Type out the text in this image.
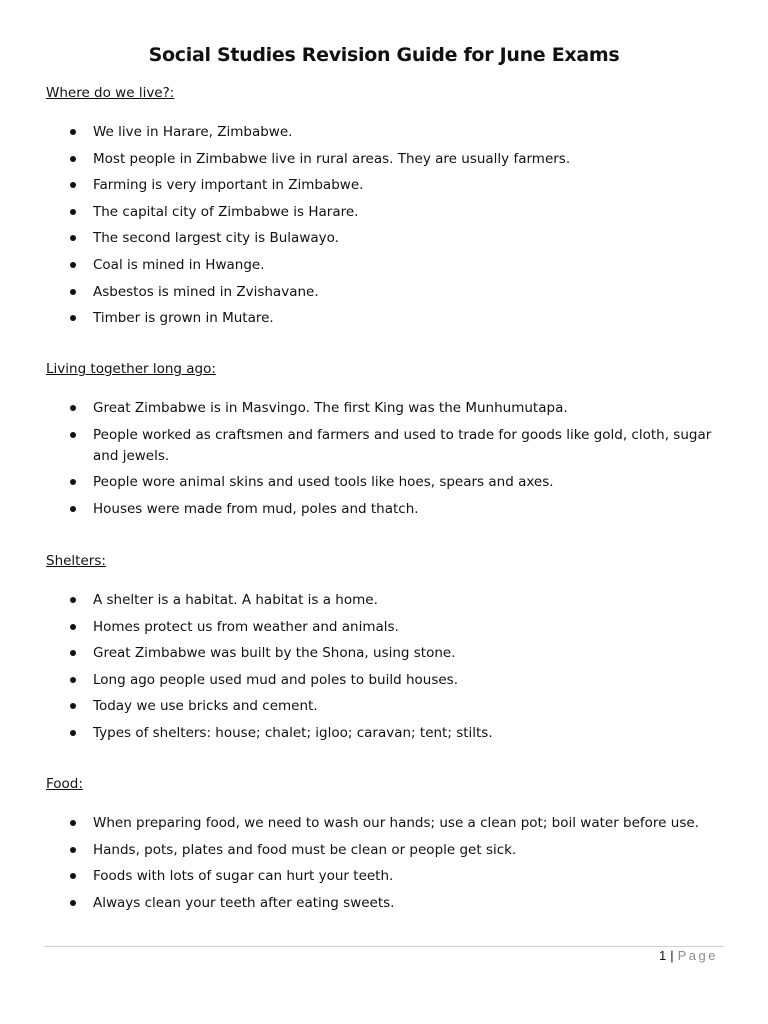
Social Studies Revision Guide for June Exams
Where do we live?:
We live in Harare, Zimbabwe.
Most people in Zimbabwe live in rural areas. They are usually farmers.
Farming is very important in Zimbabwe.
The capital city of Zimbabwe is Harare.
The second largest city is Bulawayo.
Coal is mined in Hwange.
Asbestos is mined in Zvishavane.
Timber is grown in Mutare.
Living together long ago:
Great Zimbabwe is in Masvingo. The first King was the Munhumutapa.
People worked as craftsmen and farmers and used to trade for goods like gold, cloth, sugar and jewels.
People wore animal skins and used tools like hoes, spears and axes.
Houses were made from mud, poles and thatch.
Shelters:
A shelter is a habitat. A habitat is a home.
Homes protect us from weather and animals.
Great Zimbabwe was built by the Shona, using stone.
Long ago people used mud and poles to build houses.
Today we use bricks and cement.
Types of shelters: house; chalet; igloo; caravan; tent; stilts.
Food:
When preparing food, we need to wash our hands; use a clean pot; boil water before use.
Hands, pots, plates and food must be clean or people get sick.
Foods with lots of sugar can hurt your teeth.
Always clean your teeth after eating sweets.
1 | Page
